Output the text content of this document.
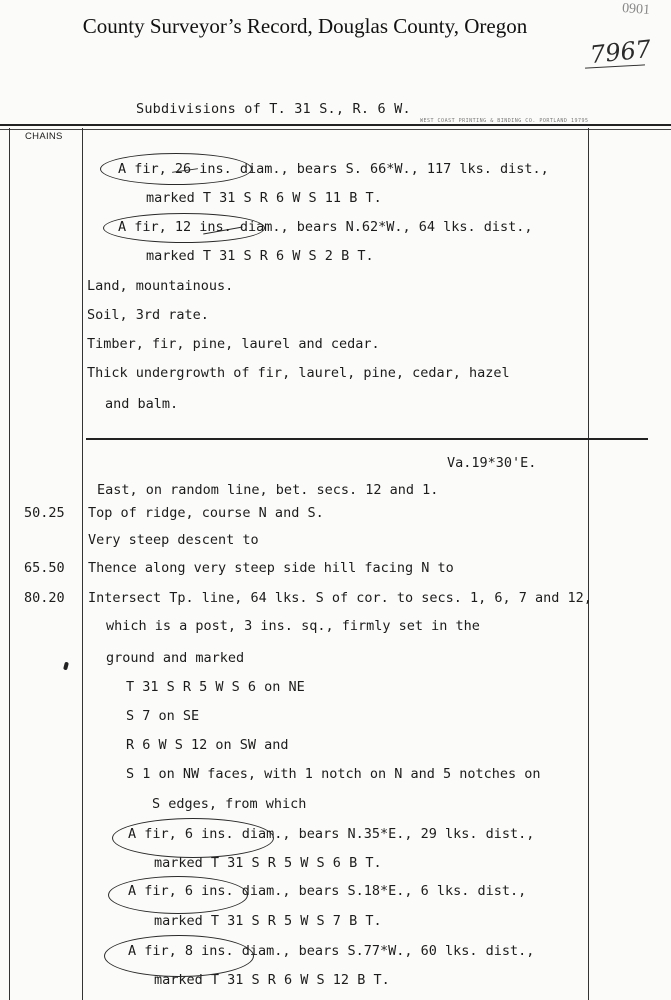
County Surveyor’s Record, Douglas County, Oregon
0901
7967
Subdivisions of T. 31 S., R. 6 W.
WEST COAST PRINTING & BINDING CO. PORTLAND 19795
CHAINS
A fir, 26 ins. diam., bears S. 66*W., 117 lks. dist.,
marked T 31 S R 6 W S 11 B T.
A fir, 12 ins. diam., bears N.62*W., 64 lks. dist.,
marked T 31 S R 6 W S 2 B T.
Land, mountainous.
Soil, 3rd rate.
Timber, fir, pine, laurel and cedar.
Thick undergrowth of fir, laurel, pine, cedar, hazel
and balm.
Va.19*30'E.
East, on random line, bet. secs. 12 and 1.
50.25 Top of ridge, course N and S.
Very steep descent to
65.50 Thence along very steep side hill facing N to
80.20 Intersect Tp. line, 64 lks. S of cor. to secs. 1, 6, 7 and 12,
which is a post, 3 ins. sq., firmly set in the
ground and marked
T 31 S R 5 W S 6 on NE
S 7 on SE
R 6 W S 12 on SW and
S 1 on NW faces, with 1 notch on N and 5 notches on
S edges, from which
A fir, 6 ins. diam., bears N.35*E., 29 lks. dist.,
marked T 31 S R 5 W S 6 B T.
A fir, 6 ins. diam., bears S.18*E., 6 lks. dist.,
marked T 31 S R 5 W S 7 B T.
A fir, 8 ins. diam., bears S.77*W., 60 lks. dist.,
marked T 31 S R 6 W S 12 B T.
